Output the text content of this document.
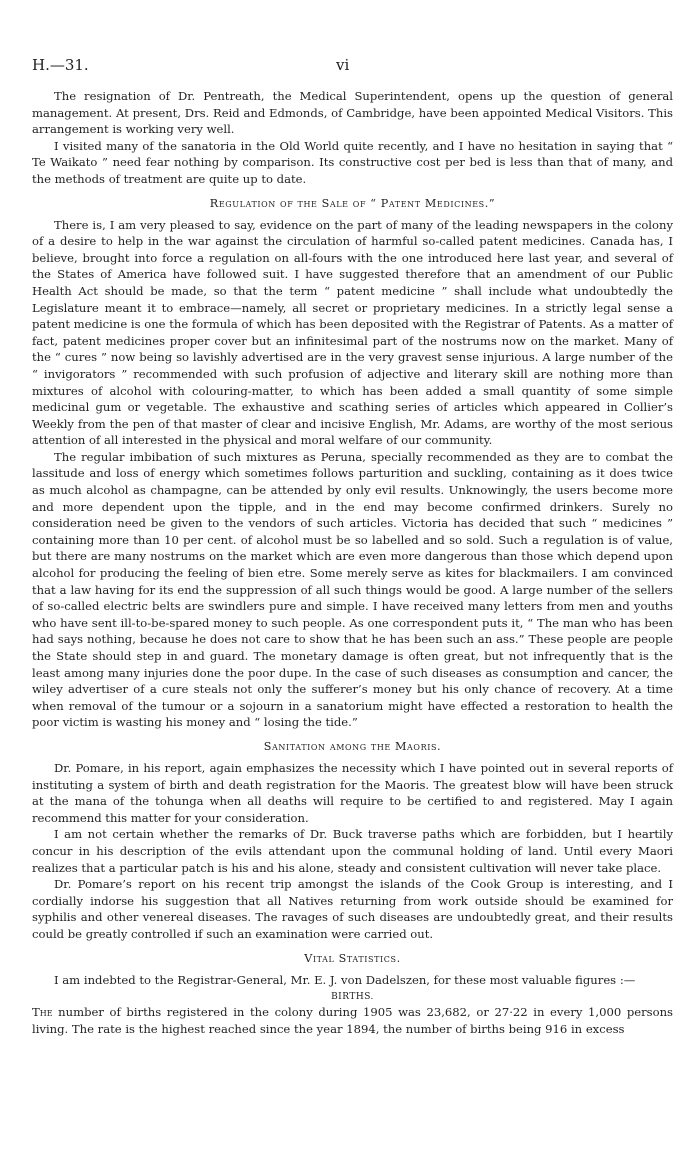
H.—31.	vi

The resignation of Dr. Pentreath, the Medical Superintendent, opens up the question of general management. At present, Drs. Reid and Edmonds, of Cambridge, have been appointed Medical Visitors. This arrangement is working very well.

I visited many of the sanatoria in the Old World quite recently, and I have no hesitation in saying that “ Te Waikato ” need fear nothing by comparison. Its constructive cost per bed is less than that of many, and the methods of treatment are quite up to date.

Regulation of the Sale of “ Patent Medicines.”

There is, I am very pleased to say, evidence on the part of many of the leading newspapers in the colony of a desire to help in the war against the circulation of harmful so-called patent medicines. Canada has, I believe, brought into force a regulation on all-fours with the one introduced here last year, and several of the States of America have followed suit. I have suggested therefore that an amendment of our Public Health Act should be made, so that the term “ patent medicine ” shall include what undoubtedly the Legislature meant it to embrace—namely, all secret or proprietary medicines. In a strictly legal sense a patent medicine is one the formula of which has been deposited with the Registrar of Patents. As a matter of fact, patent medicines proper cover but an infinitesimal part of the nostrums now on the market. Many of the “ cures ” now being so lavishly advertised are in the very gravest sense injurious. A large number of the “ invigorators ” recommended with such profusion of adjective and literary skill are nothing more than mixtures of alcohol with colouring-matter, to which has been added a small quantity of some simple medicinal gum or vegetable. The exhaustive and scathing series of articles which appeared in Collier’s Weekly from the pen of that master of clear and incisive English, Mr. Adams, are worthy of the most serious attention of all interested in the physical and moral welfare of our community.

The regular imbibation of such mixtures as Peruna, specially recommended as they are to combat the lassitude and loss of energy which sometimes follows parturition and suckling, containing as it does twice as much alcohol as champagne, can be attended by only evil results. Unknowingly, the users become more and more dependent upon the tipple, and in the end may become confirmed drinkers. Surely no consideration need be given to the vendors of such articles. Victoria has decided that such “ medicines ” containing more than 10 per cent. of alcohol must be so labelled and so sold. Such a regulation is of value, but there are many nostrums on the market which are even more dangerous than those which depend upon alcohol for producing the feeling of bien etre. Some merely serve as kites for blackmailers. I am convinced that a law having for its end the suppression of all such things would be good. A large number of the sellers of so-called electric belts are swindlers pure and simple. I have received many letters from men and youths who have sent ill-to-be-spared money to such people. As one correspondent puts it, “ The man who has been had says nothing, because he does not care to show that he has been such an ass.” These people are people the State should step in and guard. The monetary damage is often great, but not infrequently that is the least among many injuries done the poor dupe. In the case of such diseases as consumption and cancer, the wiley advertiser of a cure steals not only the sufferer’s money but his only chance of recovery. At a time when removal of the tumour or a sojourn in a sanatorium might have effected a restoration to health the poor victim is wasting his money and “ losing the tide.”

Sanitation among the Maoris.

Dr. Pomare, in his report, again emphasizes the necessity which I have pointed out in several reports of instituting a system of birth and death registration for the Maoris. The greatest blow will have been struck at the mana of the tohunga when all deaths will require to be certified to and registered. May I again recommend this matter for your consideration.

I am not certain whether the remarks of Dr. Buck traverse paths which are forbidden, but I heartily concur in his description of the evils attendant upon the communal holding of land. Until every Maori realizes that a particular patch is his and his alone, steady and consistent cultivation will never take place.

Dr. Pomare’s report on his recent trip amongst the islands of the Cook Group is interesting, and I cordially indorse his suggestion that all Natives returning from work outside should be examined for syphilis and other venereal diseases. The ravages of such diseases are undoubtedly great, and their results could be greatly controlled if such an examination were carried out.

Vital Statistics.

I am indebted to the Registrar-General, Mr. E. J. von Dadelszen, for these most valuable figures :—

BIRTHS.

The number of births registered in the colony during 1905 was 23,682, or 27·22 in every 1,000 persons living. The rate is the highest reached since the year 1894, the number of births being 916 in excess
